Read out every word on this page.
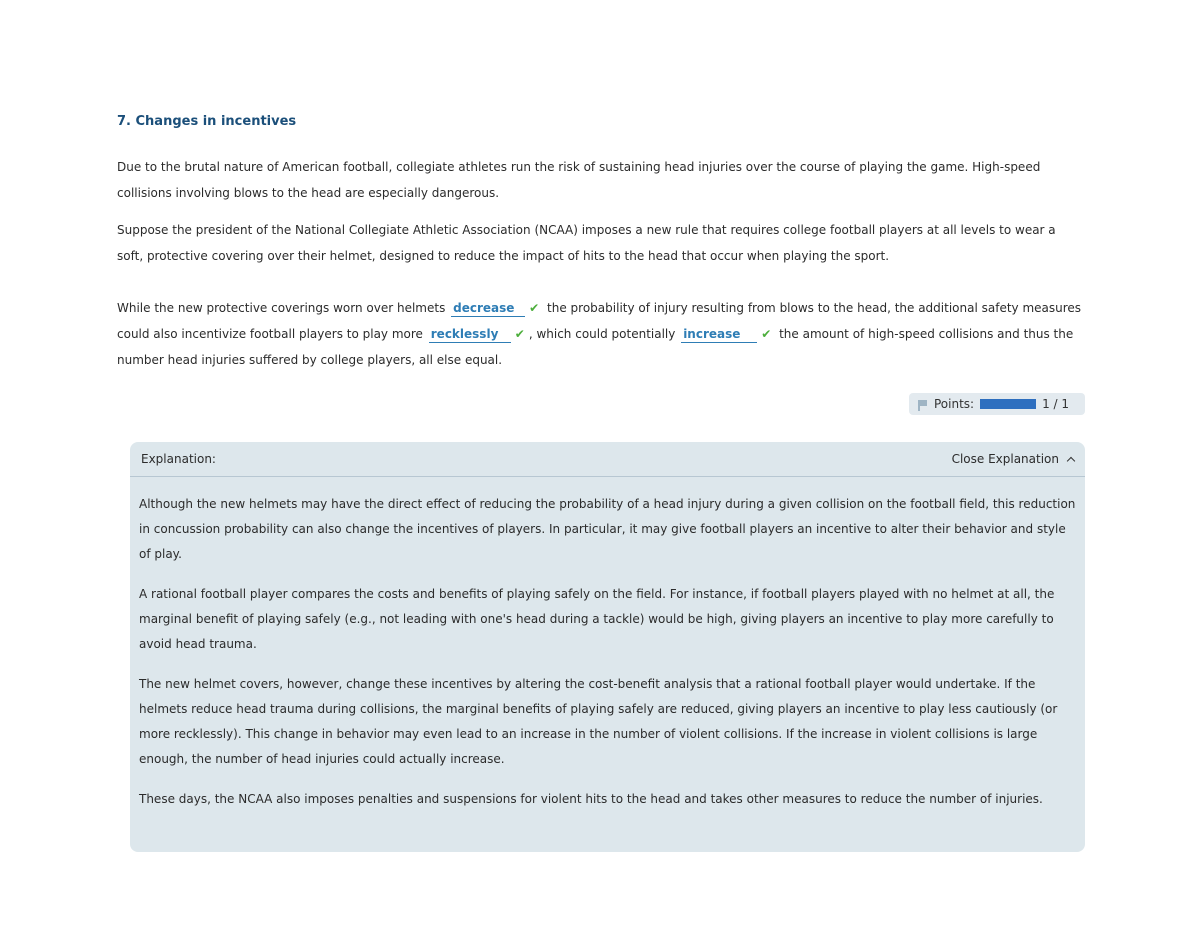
7. Changes in incentives

Due to the brutal nature of American football, collegiate athletes run the risk of sustaining head injuries over the course of playing the game. High-speed collisions involving blows to the head are especially dangerous.

Suppose the president of the National Collegiate Athletic Association (NCAA) imposes a new rule that requires college football players at all levels to wear a soft, protective covering over their helmet, designed to reduce the impact of hits to the head that occur when playing the sport.

While the new protective coverings worn over helmets decrease ✔ the probability of injury resulting from blows to the head, the additional safety measures could also incentivize football players to play more recklessly ✔ , which could potentially increase ✔ the amount of high-speed collisions and thus the number head injuries suffered by college players, all else equal.

Points:	1 / 1
Explanation:	Close Explanation

Although the new helmets may have the direct effect of reducing the probability of a head injury during a given collision on the football field, this reduction in concussion probability can also change the incentives of players. In particular, it may give football players an incentive to alter their behavior and style of play.

A rational football player compares the costs and benefits of playing safely on the field. For instance, if football players played with no helmet at all, the marginal benefit of playing safely (e.g., not leading with one's head during a tackle) would be high, giving players an incentive to play more carefully to avoid head trauma.

The new helmet covers, however, change these incentives by altering the cost-benefit analysis that a rational football player would undertake. If the helmets reduce head trauma during collisions, the marginal benefits of playing safely are reduced, giving players an incentive to play less cautiously (or more recklessly). This change in behavior may even lead to an increase in the number of violent collisions. If the increase in violent collisions is large enough, the number of head injuries could actually increase.

These days, the NCAA also imposes penalties and suspensions for violent hits to the head and takes other measures to reduce the number of injuries.
